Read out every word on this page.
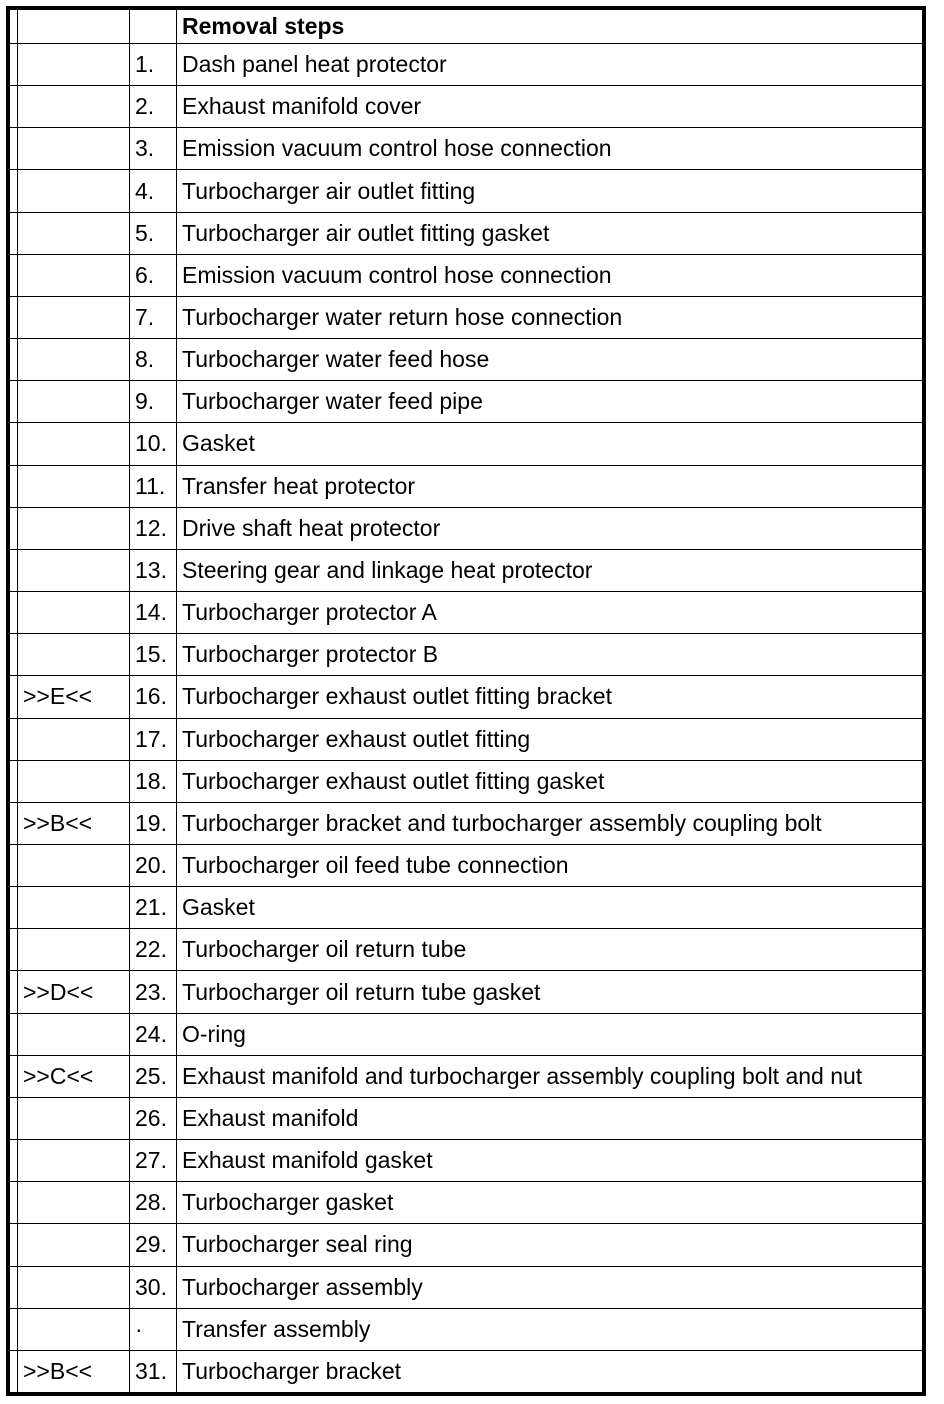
			Removal steps
		1.	Dash panel heat protector
		2.	Exhaust manifold cover
		3.	Emission vacuum control hose connection
		4.	Turbocharger air outlet fitting
		5.	Turbocharger air outlet fitting gasket
		6.	Emission vacuum control hose connection
		7.	Turbocharger water return hose connection
		8.	Turbocharger water feed hose
		9.	Turbocharger water feed pipe
		10.	Gasket
		11.	Transfer heat protector
		12.	Drive shaft heat protector
		13.	Steering gear and linkage heat protector
		14.	Turbocharger protector A
		15.	Turbocharger protector B
	>>E<<	16.	Turbocharger exhaust outlet fitting bracket
		17.	Turbocharger exhaust outlet fitting
		18.	Turbocharger exhaust outlet fitting gasket
	>>B<<	19.	Turbocharger bracket and turbocharger assembly coupling bolt
		20.	Turbocharger oil feed tube connection
		21.	Gasket
		22.	Turbocharger oil return tube
	>>D<<	23.	Turbocharger oil return tube gasket
		24.	O-ring
	>>C<<	25.	Exhaust manifold and turbocharger assembly coupling bolt and nut
		26.	Exhaust manifold
		27.	Exhaust manifold gasket
		28.	Turbocharger gasket
		29.	Turbocharger seal ring
		30.	Turbocharger assembly
		·	Transfer assembly
	>>B<<	31.	Turbocharger bracket
